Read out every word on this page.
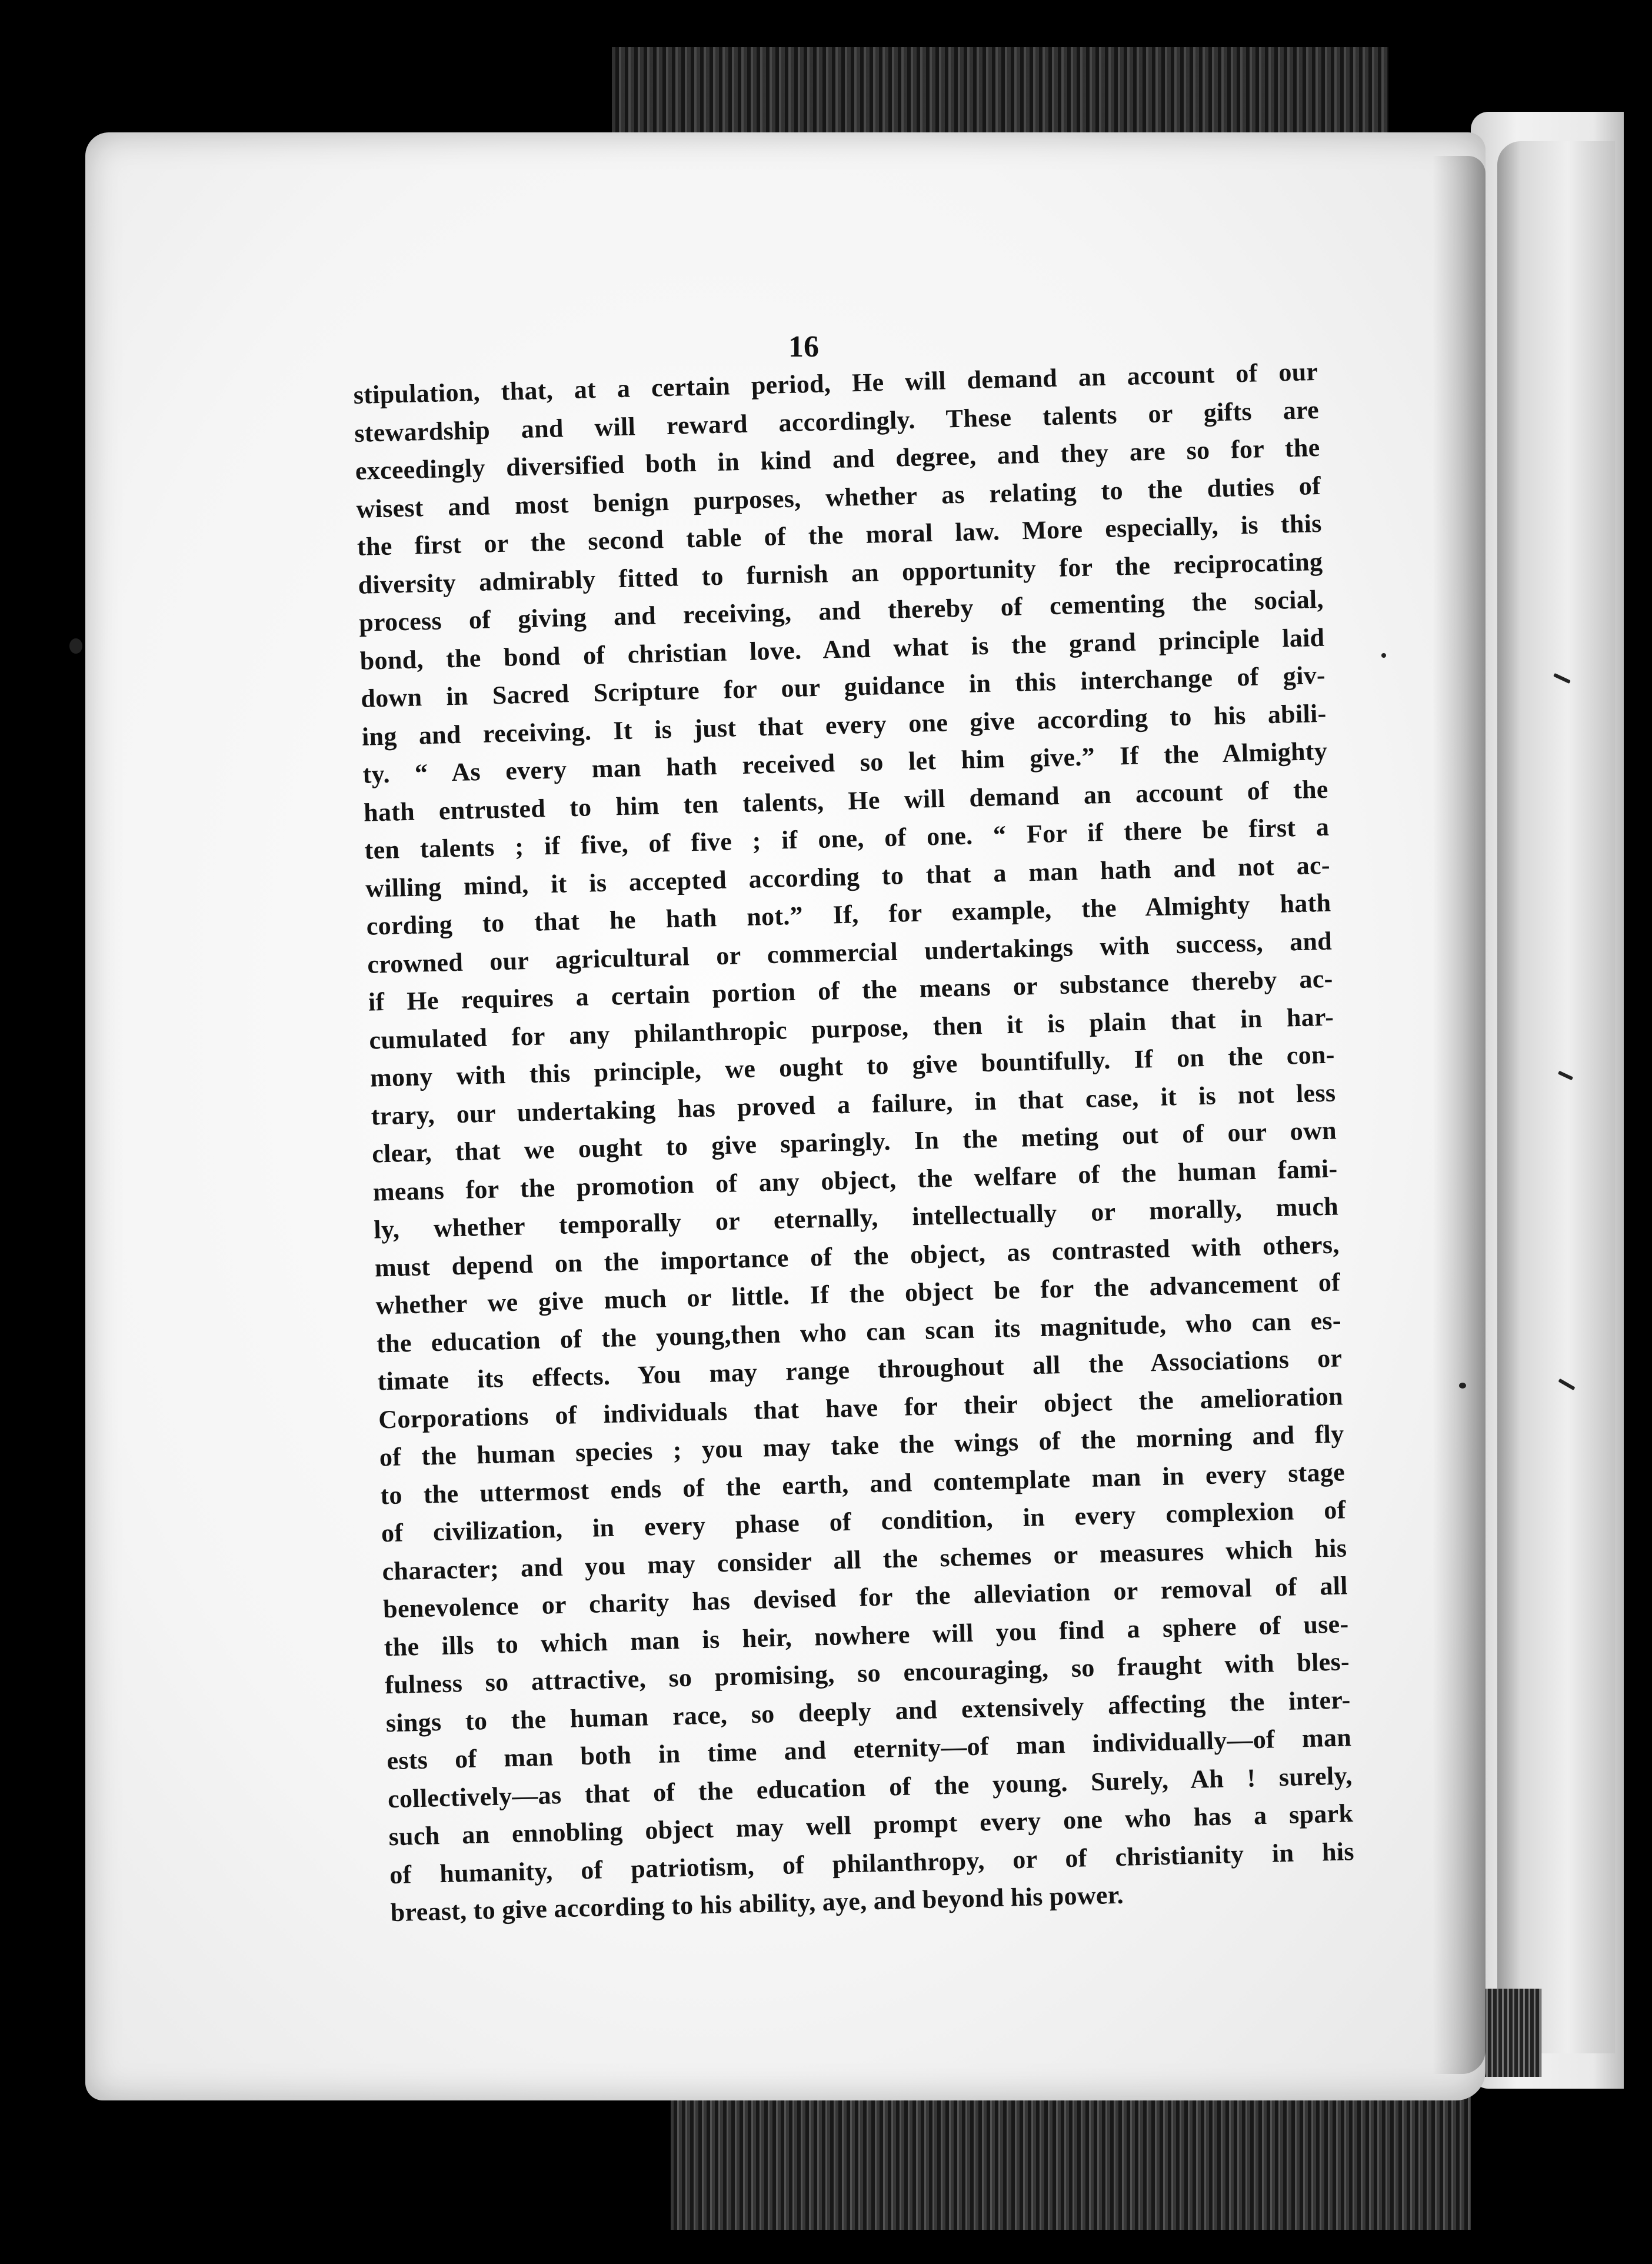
16
stipulation, that, at a certain period, He will demand an account of our
stewardship and will reward accordingly. These talents or gifts are
exceedingly diversified both in kind and degree, and they are so for the
wisest and most benign purposes, whether as relating to the duties of
the first or the second table of the moral law. More especially, is this
diversity admirably fitted to furnish an opportunity for the reciprocating
process of giving and receiving, and thereby of cementing the social,
bond, the bond of christian love. And what is the grand principle laid
down in Sacred Scripture for our guidance in this interchange of giv-
ing and receiving. It is just that every one give according to his abili-
ty. “ As every man hath received so let him give.” If the Almighty
hath entrusted to him ten talents, He will demand an account of the
ten talents ; if five, of five ; if one, of one. “ For if there be first a
willing mind, it is accepted according to that a man hath and not ac-
cording to that he hath not.” If, for example, the Almighty hath
crowned our agricultural or commercial undertakings with success, and
if He requires a certain portion of the means or substance thereby ac-
cumulated for any philanthropic purpose, then it is plain that in har-
mony with this principle, we ought to give bountifully. If on the con-
trary, our undertaking has proved a failure, in that case, it is not less
clear, that we ought to give sparingly. In the meting out of our own
means for the promotion of any object, the welfare of the human fami-
ly, whether temporally or eternally, intellectually or morally, much
must depend on the importance of the object, as contrasted with others,
whether we give much or little. If the object be for the advancement of
the education of the young,then who can scan its magnitude, who can es-
timate its effects. You may range throughout all the Associations or
Corporations of individuals that have for their object the amelioration
of the human species ; you may take the wings of the morning and fly
to the uttermost ends of the earth, and contemplate man in every stage
of civilization, in every phase of condition, in every complexion of
character; and you may consider all the schemes or measures which his
benevolence or charity has devised for the alleviation or removal of all
the ills to which man is heir, nowhere will you find a sphere of use-
fulness so attractive, so promising, so encouraging, so fraught with bles-
sings to the human race, so deeply and extensively affecting the inter-
ests of man both in time and eternity—of man individually—of man
collectively—as that of the education of the young. Surely, Ah ! surely,
such an ennobling object may well prompt every one who has a spark
of humanity, of patriotism, of philanthropy, or of christianity in his
breast, to give according to his ability, aye, and beyond his power.
